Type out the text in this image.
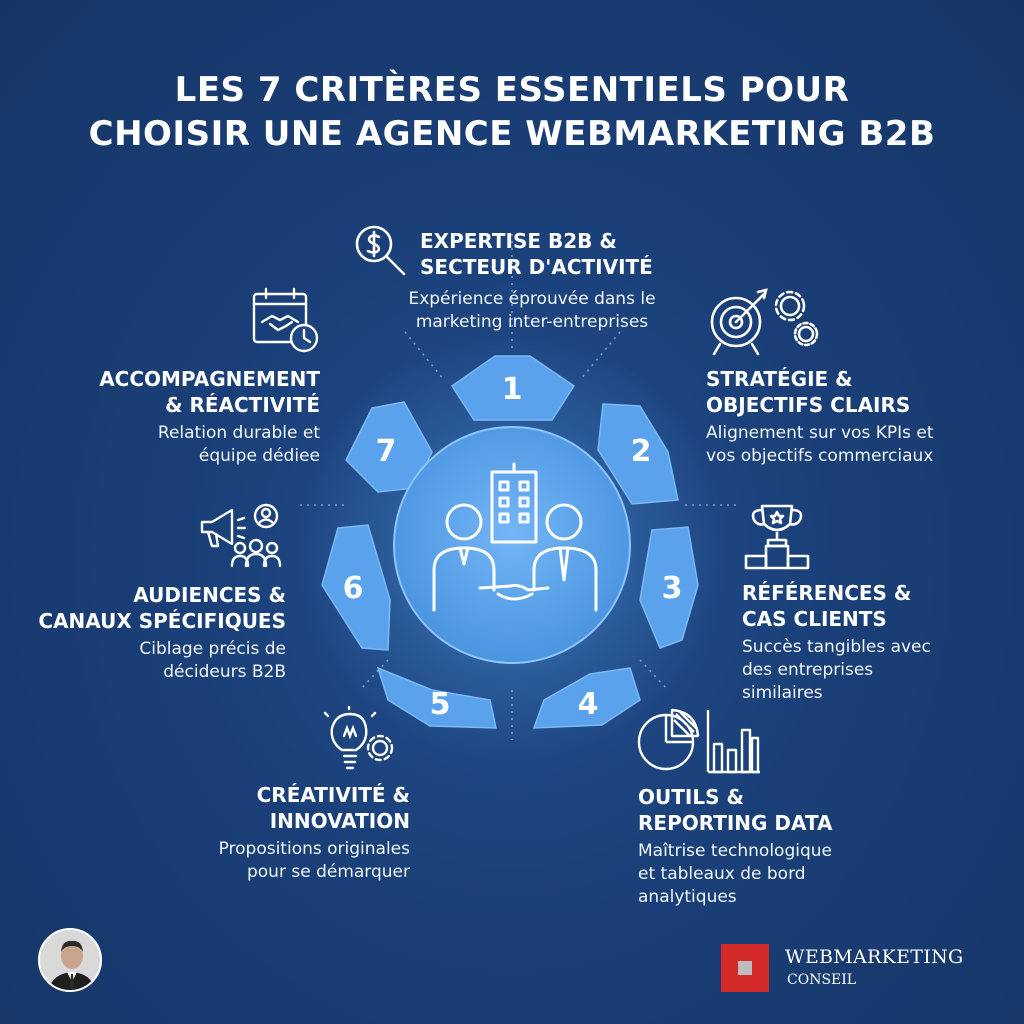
LES 7 CRITÈRES ESSENTIELS POUR
CHOISIR UNE AGENCE WEBMARKETING B2B
1
2
3
4
5
6
7
EXPERTISE B2B &
SECTEUR D'ACTIVITÉ

Expérience éprouvée dans le
marketing inter-entreprises

STRATÉGIE &
OBJECTIFS CLAIRS

Alignement sur vos KPIs et
vos objectifs commerciaux

RÉFÉRENCES &
CAS CLIENTS

Succès tangibles avec
des entreprises
similaires

OUTILS &
REPORTING DATA

Maîtrise technologique
et tableaux de bord
analytiques

CRÉATIVITÉ &
INNOVATION

Propositions originales
pour se démarquer

AUDIENCES &
CANAUX SPÉCIFIQUES

Ciblage précis de
décideurs B2B

ACCOMPAGNEMENT
& RÉACTIVITÉ

Relation durable et
équipe dédiee

WEBMARKETING
CONSEIL
